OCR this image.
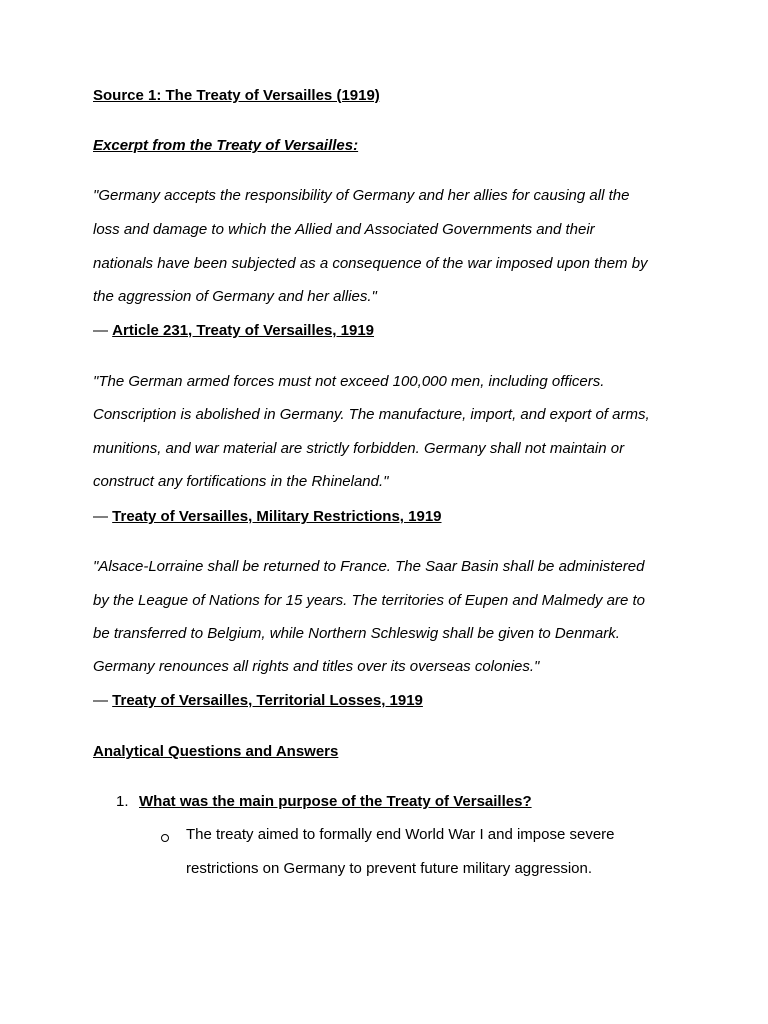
Source 1: The Treaty of Versailles (1919)
Excerpt from the Treaty of Versailles:
"Germany accepts the responsibility of Germany and her allies for causing all the
loss and damage to which the Allied and Associated Governments and their
nationals have been subjected as a consequence of the war imposed upon them by
the aggression of Germany and her allies."
— Article 231, Treaty of Versailles, 1919
"The German armed forces must not exceed 100,000 men, including officers.
Conscription is abolished in Germany. The manufacture, import, and export of arms,
munitions, and war material are strictly forbidden. Germany shall not maintain or
construct any fortifications in the Rhineland."
— Treaty of Versailles, Military Restrictions, 1919
"Alsace-Lorraine shall be returned to France. The Saar Basin shall be administered
by the League of Nations for 15 years. The territories of Eupen and Malmedy are to
be transferred to Belgium, while Northern Schleswig shall be given to Denmark.
Germany renounces all rights and titles over its overseas colonies."
— Treaty of Versailles, Territorial Losses, 1919
Analytical Questions and Answers
1. What was the main purpose of the Treaty of Versailles?
The treaty aimed to formally end World War I and impose severe
restrictions on Germany to prevent future military aggression.
